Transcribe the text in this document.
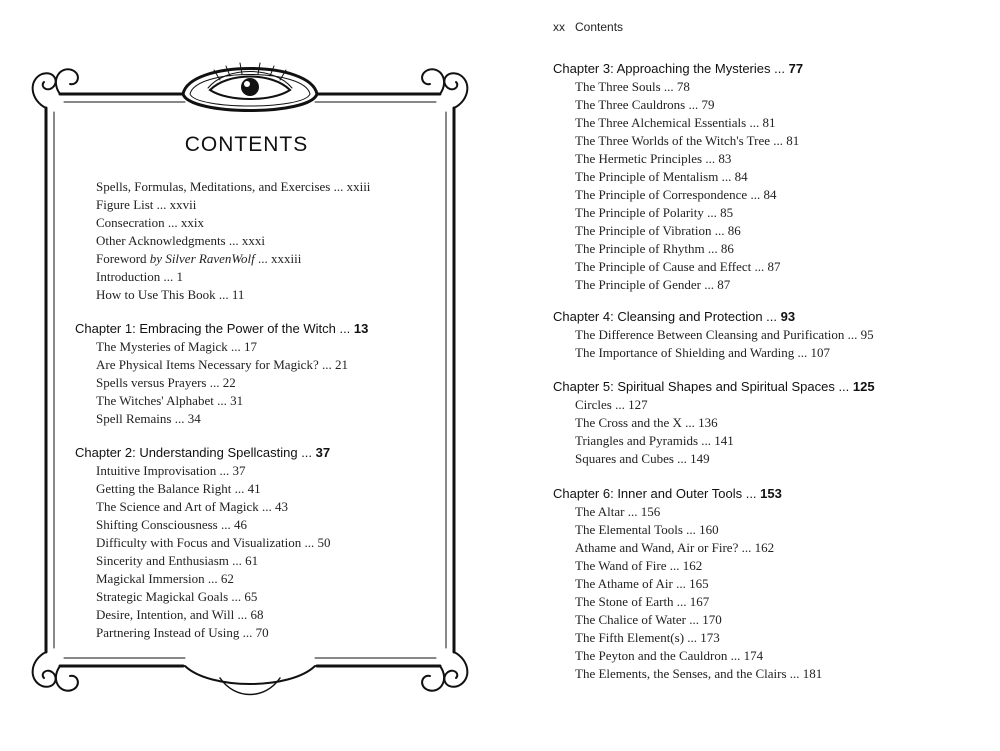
CONTENTS
Spells, Formulas, Meditations, and Exercises ... xxiii
Figure List ... xxvii
Consecration ... xxix
Other Acknowledgments ... xxxi
Foreword by Silver RavenWolf ... xxxiii
Introduction ... 1
How to Use This Book ... 11
Chapter 1: Embracing the Power of the Witch ... 13
The Mysteries of Magick ... 17
Are Physical Items Necessary for Magick? ... 21
Spells versus Prayers ... 22
The Witches' Alphabet ... 31
Spell Remains ... 34
Chapter 2: Understanding Spellcasting ... 37
Intuitive Improvisation ... 37
Getting the Balance Right ... 41
The Science and Art of Magick ... 43
Shifting Consciousness ... 46
Difficulty with Focus and Visualization ... 50
Sincerity and Enthusiasm ... 61
Magickal Immersion ... 62
Strategic Magickal Goals ... 65
Desire, Intention, and Will ... 68
Partnering Instead of Using ... 70
xx Contents
Chapter 3: Approaching the Mysteries ... 77
The Three Souls ... 78
The Three Cauldrons ... 79
The Three Alchemical Essentials ... 81
The Three Worlds of the Witch's Tree ... 81
The Hermetic Principles ... 83
The Principle of Mentalism ... 84
The Principle of Correspondence ... 84
The Principle of Polarity ... 85
The Principle of Vibration ... 86
The Principle of Rhythm ... 86
The Principle of Cause and Effect ... 87
The Principle of Gender ... 87
Chapter 4: Cleansing and Protection ... 93
The Difference Between Cleansing and Purification ... 95
The Importance of Shielding and Warding ... 107
Chapter 5: Spiritual Shapes and Spiritual Spaces ... 125
Circles ... 127
The Cross and the X ... 136
Triangles and Pyramids ... 141
Squares and Cubes ... 149
Chapter 6: Inner and Outer Tools ... 153
The Altar ... 156
The Elemental Tools ... 160
Athame and Wand, Air or Fire? ... 162
The Wand of Fire ... 162
The Athame of Air ... 165
The Stone of Earth ... 167
The Chalice of Water ... 170
The Fifth Element(s) ... 173
The Peyton and the Cauldron ... 174
The Elements, the Senses, and the Clairs ... 181
